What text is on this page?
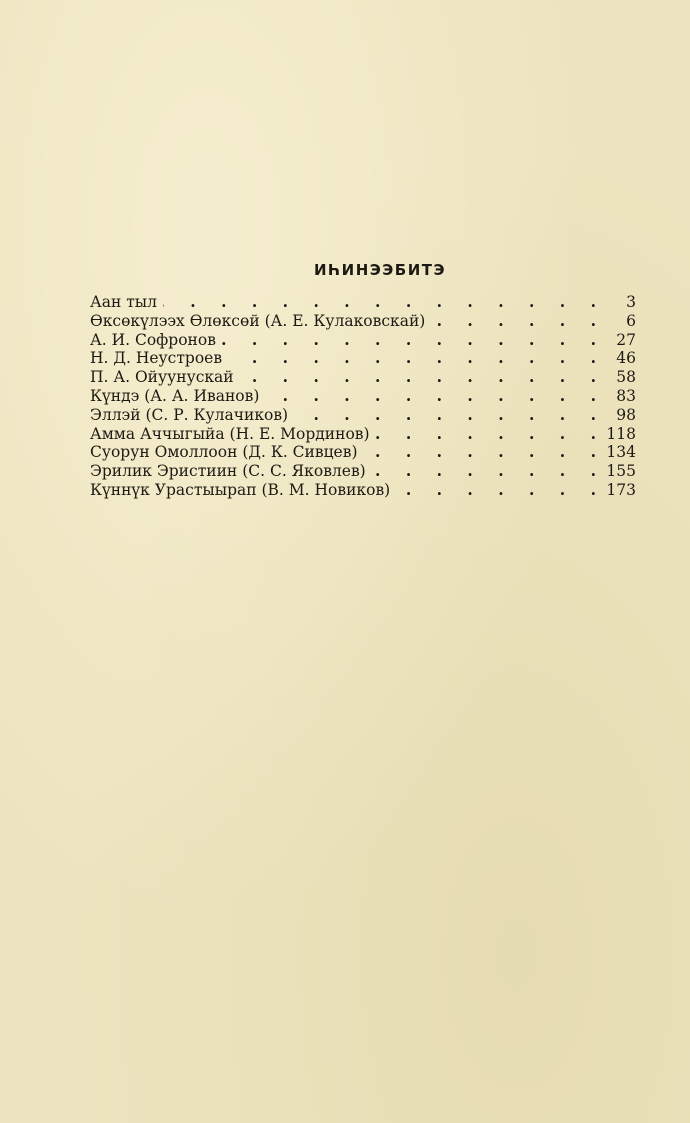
ИҺИНЭЭБИТЭ
Аан тыл . . .	3
Өксөкүлээх Өлөксөй (А. Е. Кулаковскай) . . .	6
А. И. Софронов . . .	27
Н. Д. Неустроев . . .	46
П. А. Ойуунускай . . .	58
Күндэ (А. А. Иванов) . . .	83
Эллэй (С. Р. Кулачиков) . . .	98
Амма Аччыгыйа (Н. Е. Мординов) . . .	118
Суорун Омоллоон (Д. К. Сивцев) . . .	134
Эрилик Эристиин (С. С. Яковлев) . . .	155
Күннүк Урастыырап (В. М. Новиков) . . .	173
